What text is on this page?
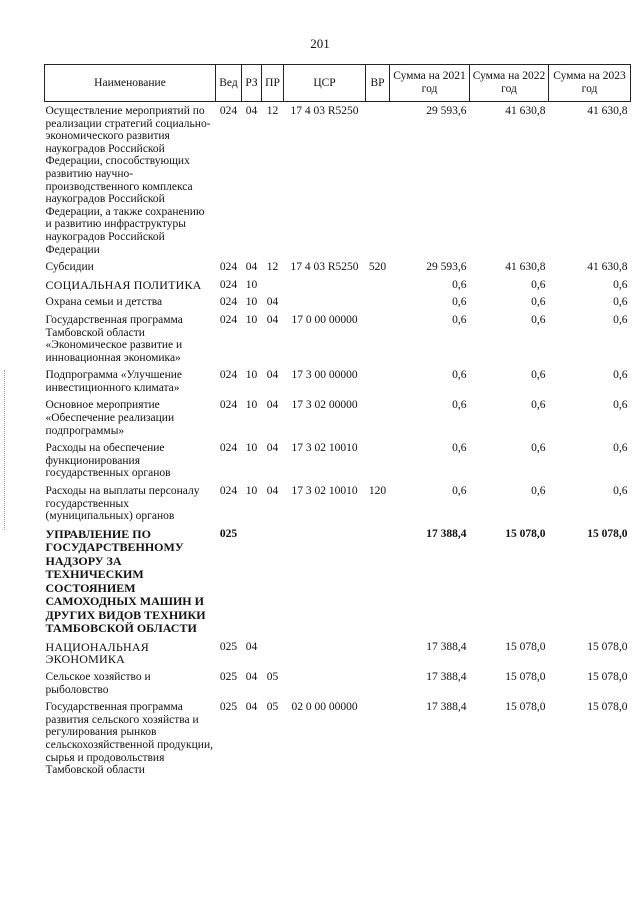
201
Наименование	Вед	РЗ	ПР	ЦСР	ВР	Сумма на 2021 год	Сумма на 2022 год	Сумма на 2023 год
Осуществление мероприятий по реализации стратегий социально-экономического развития наукоградов Российской Федерации, способствующих развитию научно-производственного комплекса наукоградов Российской Федерации, а также сохранению и развитию инфраструктуры наукоградов Российской Федерации	024	04	12	17 4 03 R5250		29 593,6	41 630,8	41 630,8
Субсидии	024	04	12	17 4 03 R5250	520	29 593,6	41 630,8	41 630,8
СОЦИАЛЬНАЯ ПОЛИТИКА	024	10				0,6	0,6	0,6
Охрана семьи и детства	024	10	04			0,6	0,6	0,6
Государственная программа Тамбовской области «Экономическое развитие и инновационная экономика»	024	10	04	17 0 00 00000		0,6	0,6	0,6
Подпрограмма «Улучшение инвестиционного климата»	024	10	04	17 3 00 00000		0,6	0,6	0,6
Основное мероприятие «Обеспечение реализации подпрограммы»	024	10	04	17 3 02 00000		0,6	0,6	0,6
Расходы на обеспечение функционирования государственных органов	024	10	04	17 3 02 10010		0,6	0,6	0,6
Расходы на выплаты персоналу государственных (муниципальных) органов	024	10	04	17 3 02 10010	120	0,6	0,6	0,6
УПРАВЛЕНИЕ ПО ГОСУДАРСТВЕННОМУ НАДЗОРУ ЗА ТЕХНИЧЕСКИМ СОСТОЯНИЕМ САМОХОДНЫХ МАШИН И ДРУГИХ ВИДОВ ТЕХНИКИ ТАМБОВСКОЙ ОБЛАСТИ	025					17 388,4	15 078,0	15 078,0
НАЦИОНАЛЬНАЯ ЭКОНОМИКА	025	04				17 388,4	15 078,0	15 078,0
Сельское хозяйство и рыболовство	025	04	05			17 388,4	15 078,0	15 078,0
Государственная программа развития сельского хозяйства и регулирования рынков сельскохозяйственной продукции, сырья и продовольствия Тамбовской области	025	04	05	02 0 00 00000		17 388,4	15 078,0	15 078,0
